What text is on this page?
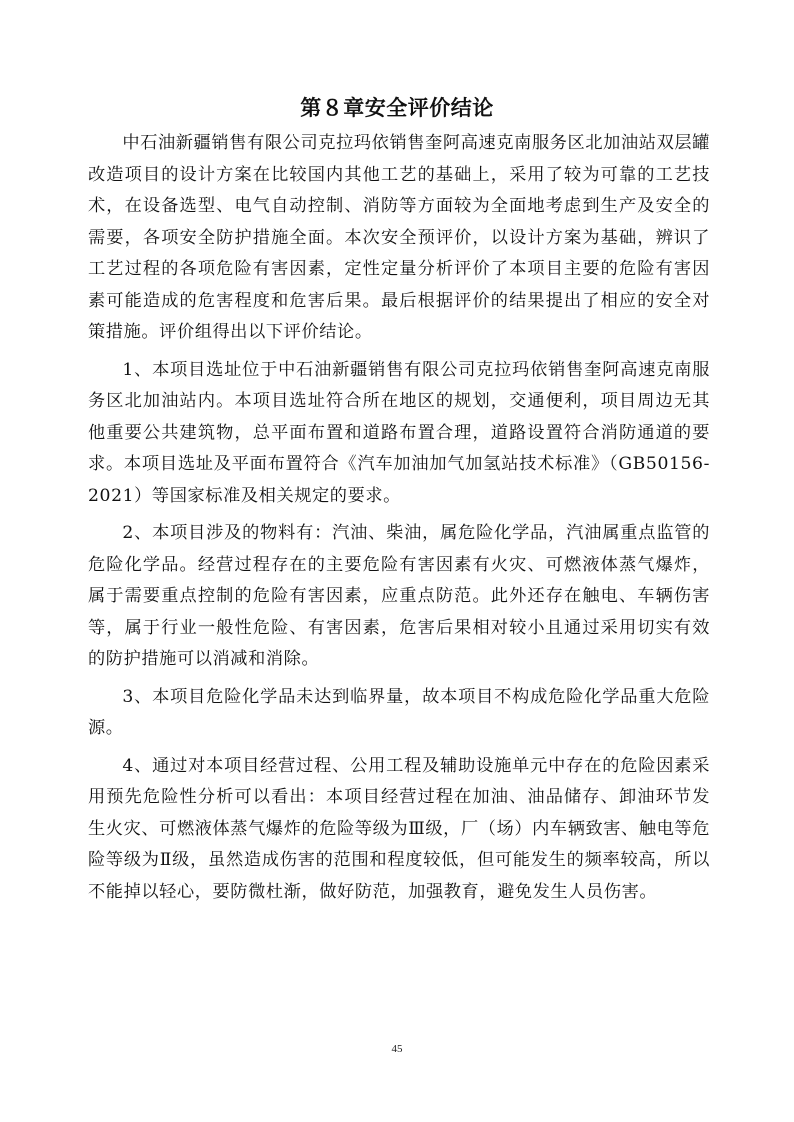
第８章安全评价结论

中石油新疆销售有限公司克拉玛依销售奎阿高速克南服务区北加油站双层罐改造项目的设计方案在比较国内其他工艺的基础上，采用了较为可靠的工艺技术，在设备选型、电气自动控制、消防等方面较为全面地考虑到生产及安全的需要，各项安全防护措施全面。本次安全预评价，以设计方案为基础，辨识了工艺过程的各项危险有害因素，定性定量分析评价了本项目主要的危险有害因素可能造成的危害程度和危害后果。最后根据评价的结果提出了相应的安全对策措施。评价组得出以下评价结论。

1、本项目选址位于中石油新疆销售有限公司克拉玛依销售奎阿高速克南服务区北加油站内。本项目选址符合所在地区的规划，交通便利，项目周边无其他重要公共建筑物，总平面布置和道路布置合理，道路设置符合消防通道的要求。本项目选址及平面布置符合《汽车加油加气加氢站技术标准》（GB50156-2021）等国家标准及相关规定的要求。

2、本项目涉及的物料有：汽油、柴油，属危险化学品，汽油属重点监管的危险化学品。经营过程存在的主要危险有害因素有火灾、可燃液体蒸气爆炸，属于需要重点控制的危险有害因素，应重点防范。此外还存在触电、车辆伤害等，属于行业一般性危险、有害因素，危害后果相对较小且通过采用切实有效的防护措施可以消减和消除。

3、本项目危险化学品未达到临界量，故本项目不构成危险化学品重大危险源。

4、通过对本项目经营过程、公用工程及辅助设施单元中存在的危险因素采用预先危险性分析可以看出：本项目经营过程在加油、油品储存、卸油环节发生火灾、可燃液体蒸气爆炸的危险等级为Ⅲ级，厂（场）内车辆致害、触电等危险等级为Ⅱ级，虽然造成伤害的范围和程度较低，但可能发生的频率较高，所以不能掉以轻心，要防微杜渐，做好防范，加强教育，避免发生人员伤害。

45
